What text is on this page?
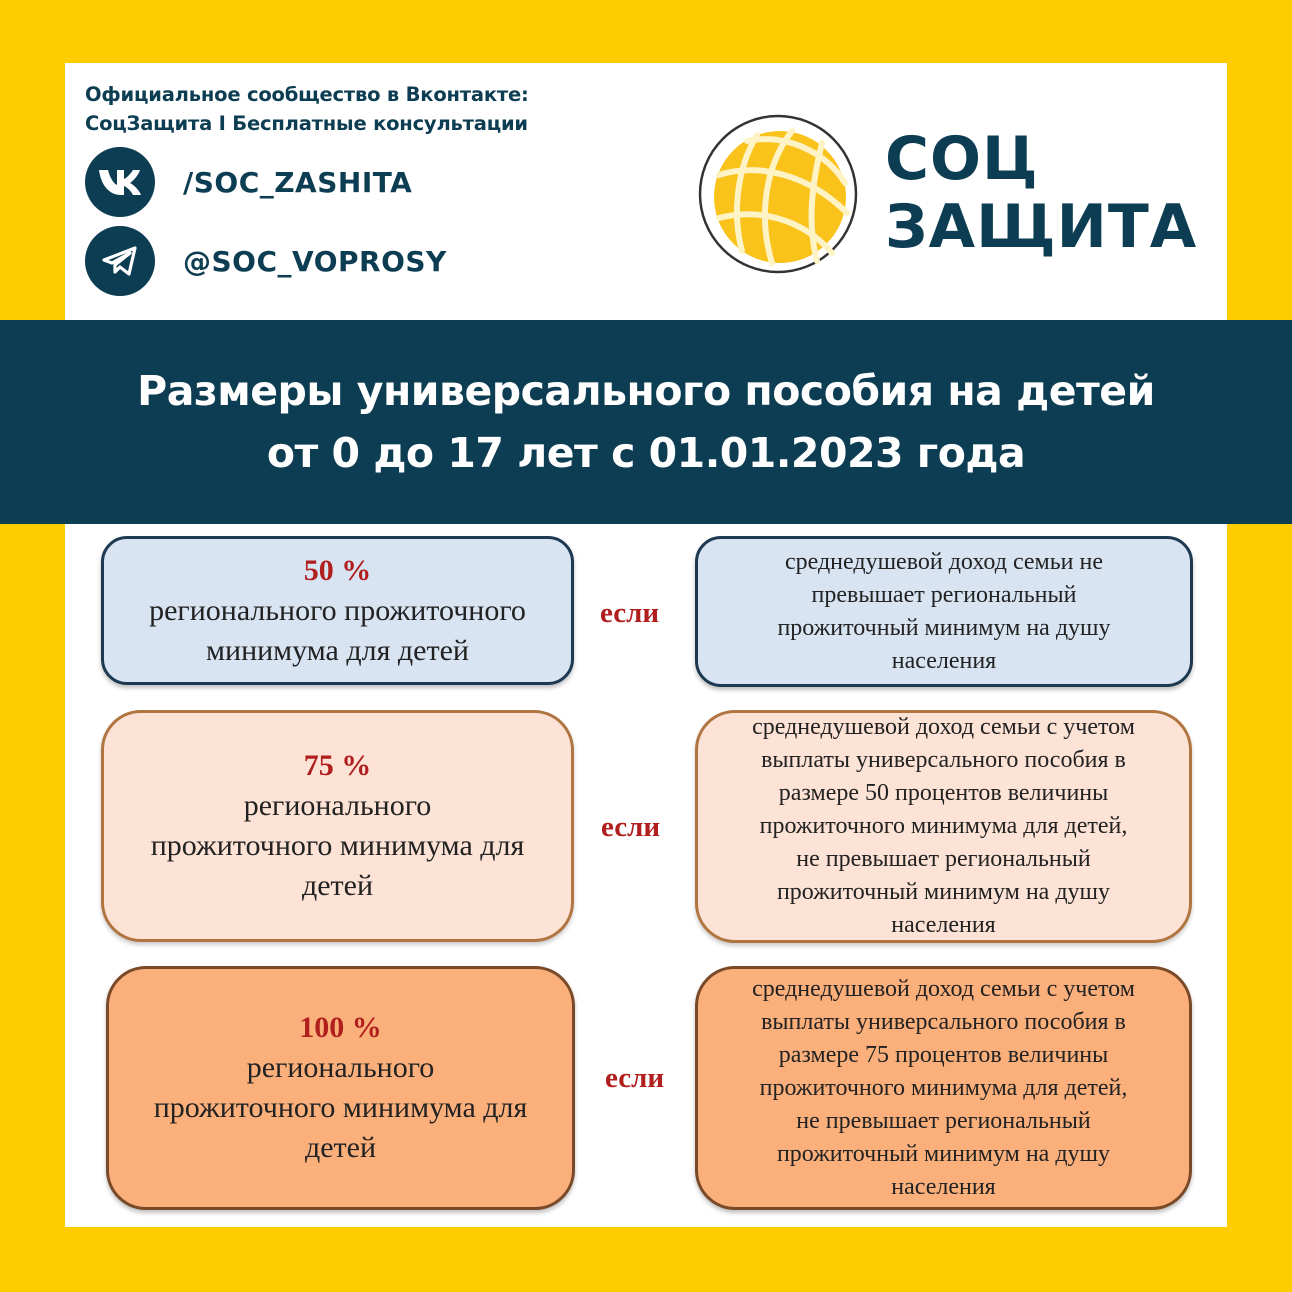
Официальное сообщество в Вконтакте:
СоцЗащита I Бесплатные консультации
/SOC_ZASHITA
@SOC_VOPROSY
СОЦ
ЗАЩИТА
Размеры универсального пособия на детей
от 0 до 17 лет с 01.01.2023 года
50 %
регионального прожиточного
минимума для детей
если
среднедушевой доход семьи не
превышает региональный
прожиточный минимум на душу
населения
75 %
регионального
прожиточного минимума для
детей
если
среднедушевой доход семьи с учетом
выплаты универсального пособия в
размере 50 процентов величины
прожиточного минимума для детей,
не превышает региональный
прожиточный минимум на душу
населения
100 %
регионального
прожиточного минимума для
детей
если
среднедушевой доход семьи с учетом
выплаты универсального пособия в
размере 75 процентов величины
прожиточного минимума для детей,
не превышает региональный
прожиточный минимум на душу
населения
